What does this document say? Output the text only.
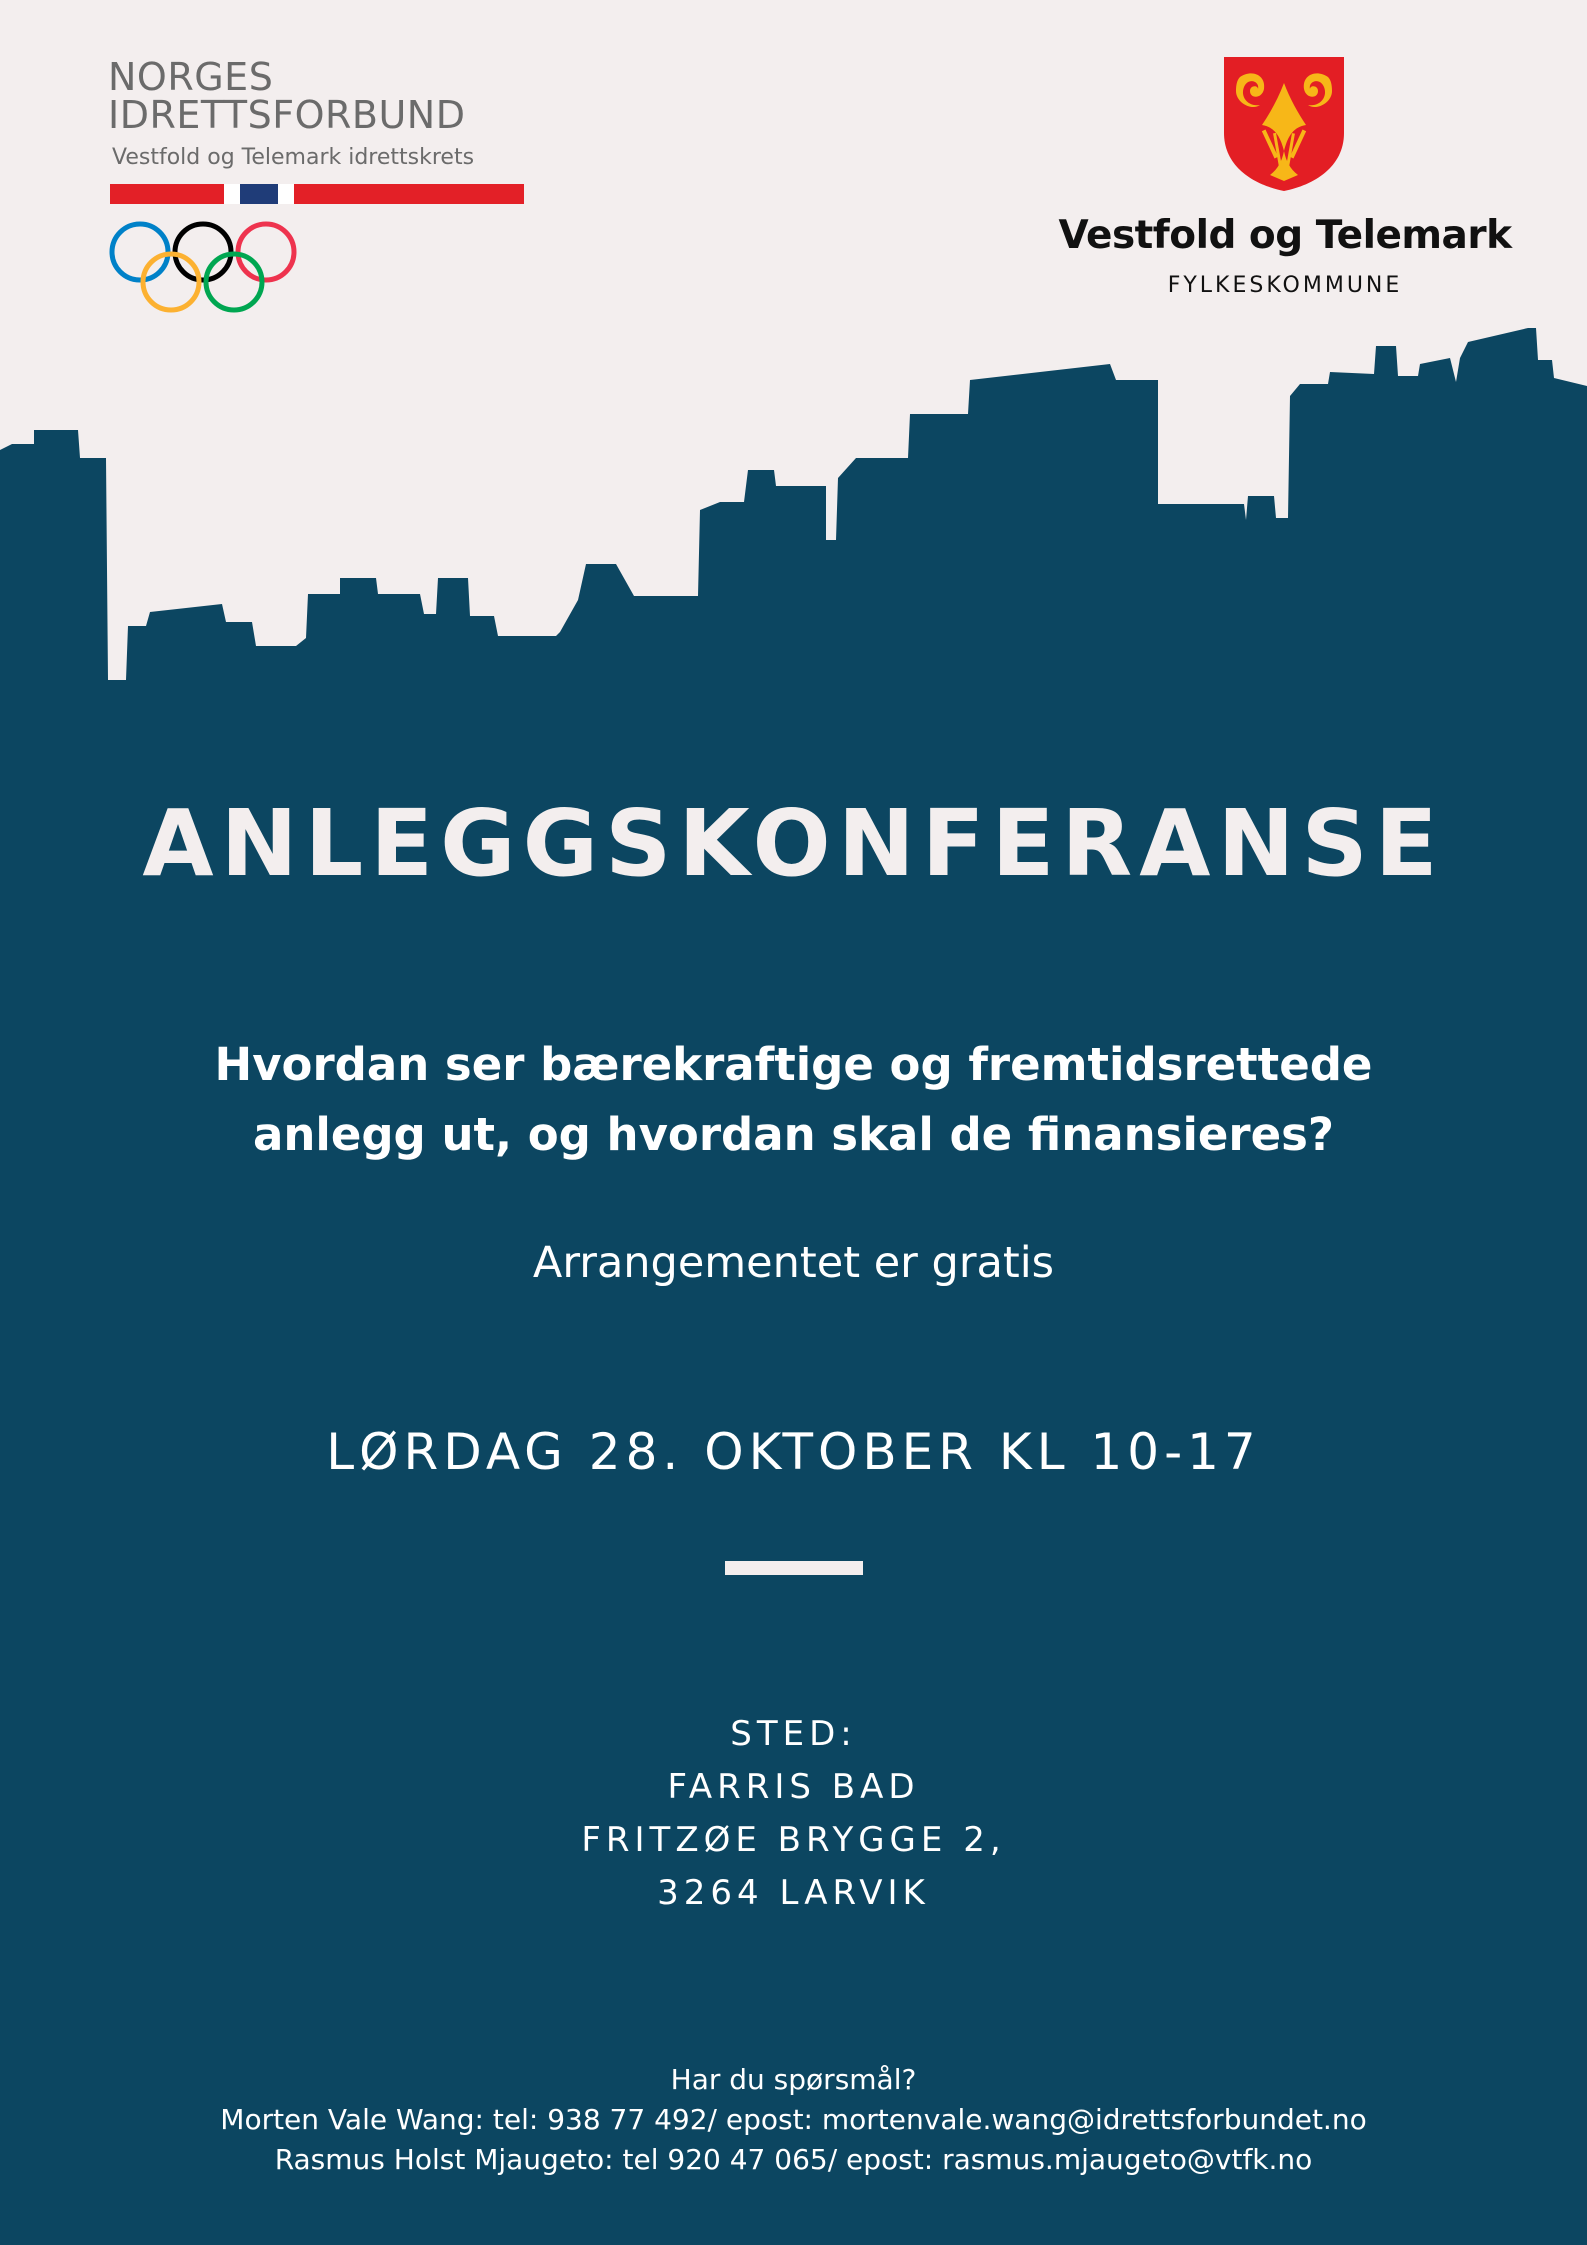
NORGES
IDRETTSFORBUND
Vestfold og Telemark idrettskrets
Vestfold og Telemark
FYLKESKOMMUNE
ANLEGGSKONFERANSE
Hvordan ser bærekraftige og fremtidsrettede
anlegg ut, og hvordan skal de finansieres?
Arrangementet er gratis
LØRDAG 28. OKTOBER KL 10-17
STED:
FARRIS BAD
FRITZØE BRYGGE 2,
3264 LARVIK
Har du spørsmål?
Morten Vale Wang: tel: 938 77 492/ epost: mortenvale.wang@idrettsforbundet.no
Rasmus Holst Mjaugeto: tel 920 47 065/ epost: rasmus.mjaugeto@vtfk.no
